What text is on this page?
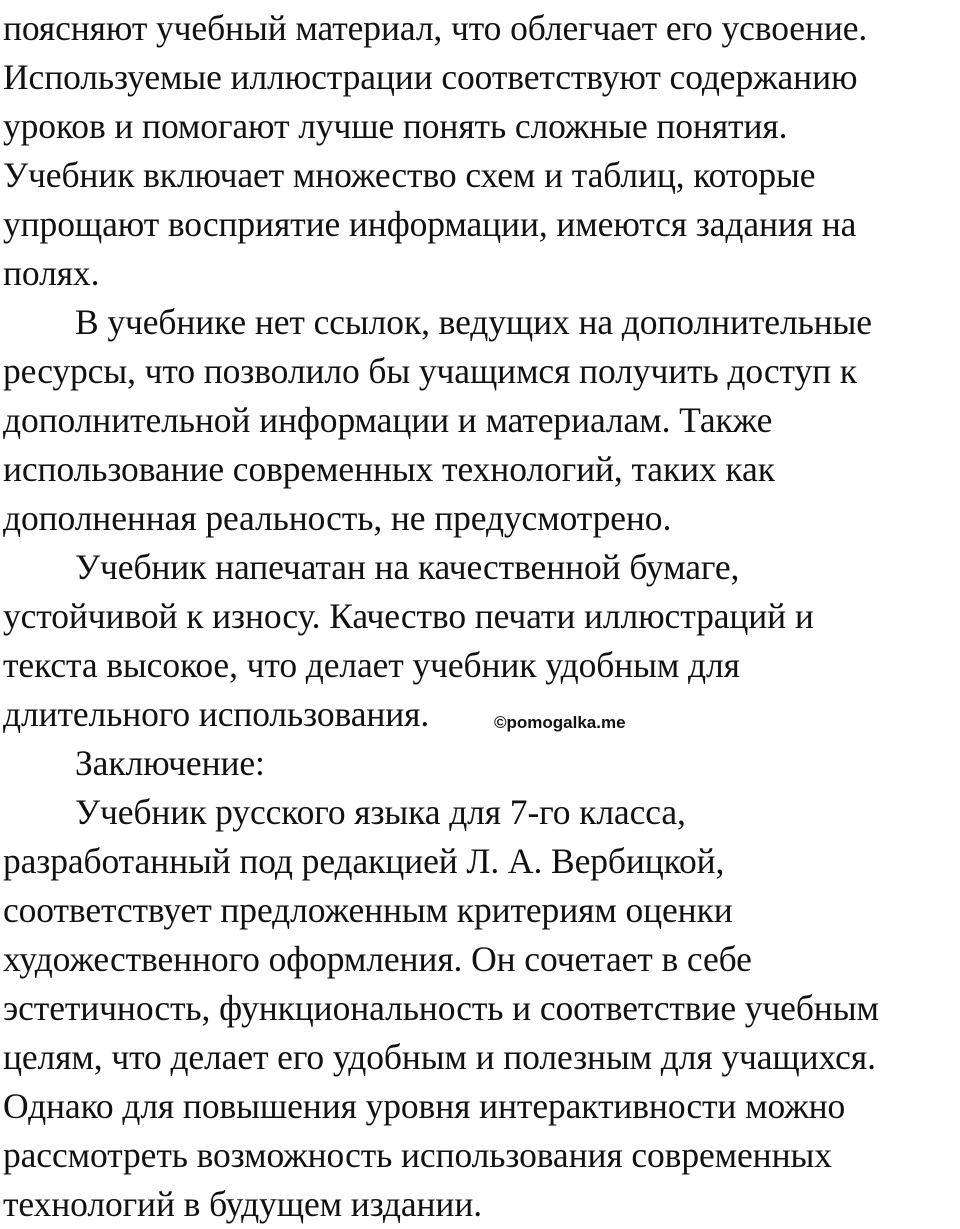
поясняют учебный материал, что облегчает его усвоение.
Используемые иллюстрации соответствуют содержанию
уроков и помогают лучше понять сложные понятия.
Учебник включает множество схем и таблиц, которые
упрощают восприятие информации, имеются задания на
полях.
В учебнике нет ссылок, ведущих на дополнительные
ресурсы, что позволило бы учащимся получить доступ к
дополнительной информации и материалам. Также
использование современных технологий, таких как
дополненная реальность, не предусмотрено.
Учебник напечатан на качественной бумаге,
устойчивой к износу. Качество печати иллюстраций и
текста высокое, что делает учебник удобным для
длительного использования.
Заключение:
Учебник русского языка для 7-го класса,
разработанный под редакцией Л. А. Вербицкой,
соответствует предложенным критериям оценки
художественного оформления. Он сочетает в себе
эстетичность, функциональность и соответствие учебным
целям, что делает его удобным и полезным для учащихся.
Однако для повышения уровня интерактивности можно
рассмотреть возможность использования современных
технологий в будущем издании.
©pomogalka.me
